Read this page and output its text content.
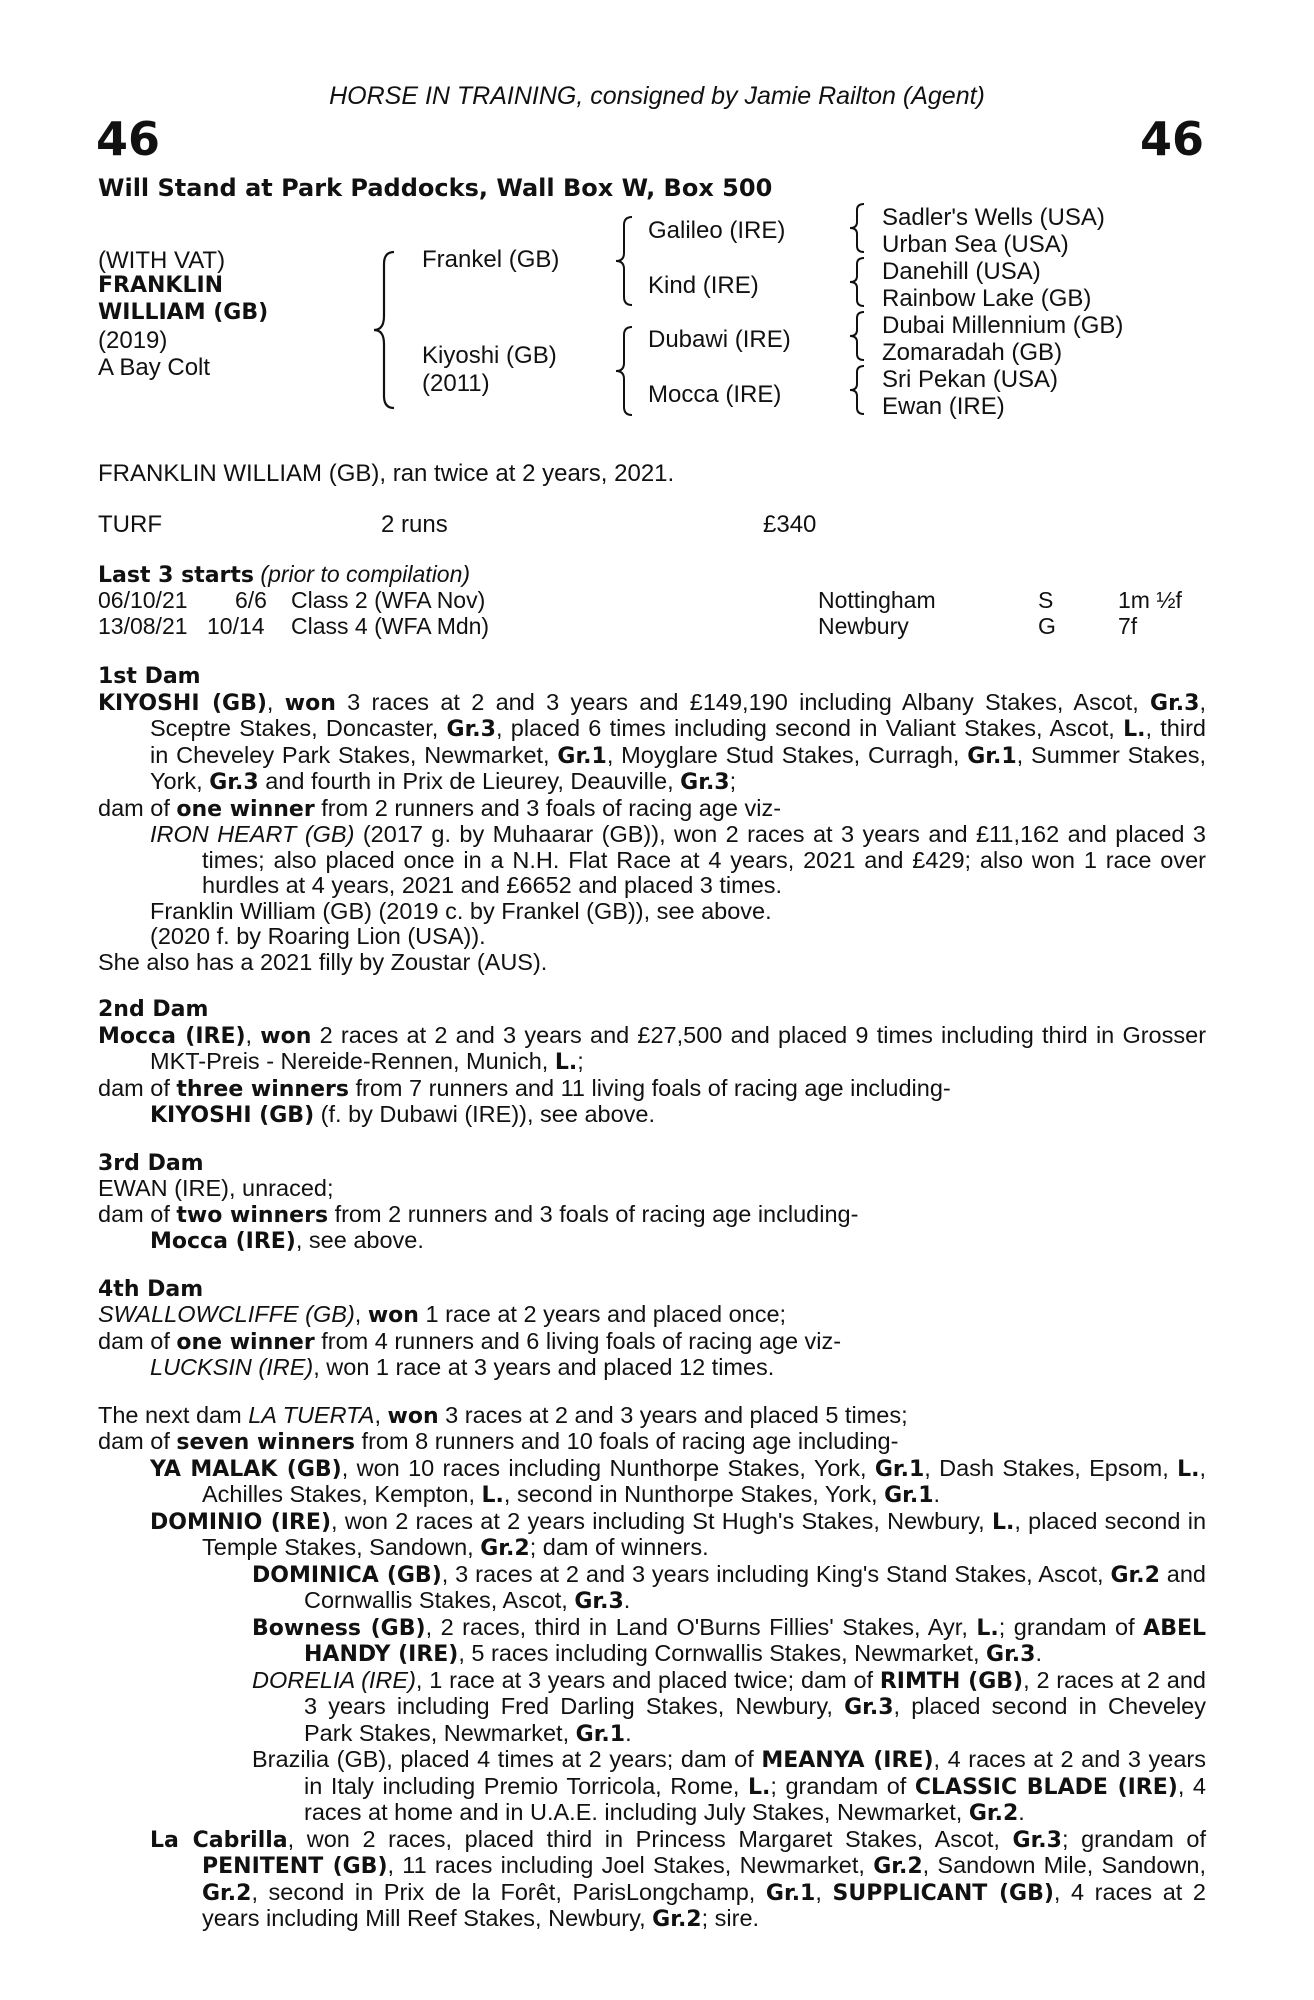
HORSE IN TRAINING, consigned by Jamie Railton (Agent)
46	46
Will Stand at Park Paddocks, Wall Box W, Box 500
(WITH VAT)
FRANKLIN
WILLIAM (GB)
(2019)
A Bay Colt
Frankel (GB)
Kiyoshi (GB)
(2011)
Galileo (IRE)
Kind (IRE)
Dubawi (IRE)
Mocca (IRE)
Sadler's Wells (USA)
Urban Sea (USA)
Danehill (USA)
Rainbow Lake (GB)
Dubai Millennium (GB)
Zomaradah (GB)
Sri Pekan (USA)
Ewan (IRE)
FRANKLIN WILLIAM (GB), ran twice at 2 years, 2021.
TURF	2 runs	£340
Last 3 starts (prior to compilation)
06/10/21 6/6 Class 2 (WFA Nov)	Nottingham	S	1m ½f
13/08/21 10/14 Class 4 (WFA Mdn)	Newbury	G	7f
1st Dam
KIYOSHI (GB), won 3 races at 2 and 3 years and £149,190 including Albany Stakes, Ascot, Gr.3, Sceptre Stakes, Doncaster, Gr.3, placed 6 times including second in Valiant Stakes, Ascot, L., third in Cheveley Park Stakes, Newmarket, Gr.1, Moyglare Stud Stakes, Curragh, Gr.1, Summer Stakes, York, Gr.3 and fourth in Prix de Lieurey, Deauville, Gr.3;
dam of one winner from 2 runners and 3 foals of racing age viz-
IRON HEART (GB) (2017 g. by Muhaarar (GB)), won 2 races at 3 years and £11,162 and placed 3 times; also placed once in a N.H. Flat Race at 4 years, 2021 and £429; also won 1 race over hurdles at 4 years, 2021 and £6652 and placed 3 times.
Franklin William (GB) (2019 c. by Frankel (GB)), see above.
(2020 f. by Roaring Lion (USA)).
She also has a 2021 filly by Zoustar (AUS).
2nd Dam
Mocca (IRE), won 2 races at 2 and 3 years and £27,500 and placed 9 times including third in Grosser MKT-Preis - Nereide-Rennen, Munich, L.;
dam of three winners from 7 runners and 11 living foals of racing age including-
KIYOSHI (GB) (f. by Dubawi (IRE)), see above.
3rd Dam
EWAN (IRE), unraced;
dam of two winners from 2 runners and 3 foals of racing age including-
Mocca (IRE), see above.
4th Dam
SWALLOWCLIFFE (GB), won 1 race at 2 years and placed once;
dam of one winner from 4 runners and 6 living foals of racing age viz-
LUCKSIN (IRE), won 1 race at 3 years and placed 12 times.
The next dam LA TUERTA, won 3 races at 2 and 3 years and placed 5 times;
dam of seven winners from 8 runners and 10 foals of racing age including-
YA MALAK (GB), won 10 races including Nunthorpe Stakes, York, Gr.1, Dash Stakes, Epsom, L., Achilles Stakes, Kempton, L., second in Nunthorpe Stakes, York, Gr.1.
DOMINIO (IRE), won 2 races at 2 years including St Hugh's Stakes, Newbury, L., placed second in Temple Stakes, Sandown, Gr.2; dam of winners.
DOMINICA (GB), 3 races at 2 and 3 years including King's Stand Stakes, Ascot, Gr.2 and Cornwallis Stakes, Ascot, Gr.3.
Bowness (GB), 2 races, third in Land O'Burns Fillies' Stakes, Ayr, L.; grandam of ABEL HANDY (IRE), 5 races including Cornwallis Stakes, Newmarket, Gr.3.
DORELIA (IRE), 1 race at 3 years and placed twice; dam of RIMTH (GB), 2 races at 2 and 3 years including Fred Darling Stakes, Newbury, Gr.3, placed second in Cheveley Park Stakes, Newmarket, Gr.1.
Brazilia (GB), placed 4 times at 2 years; dam of MEANYA (IRE), 4 races at 2 and 3 years in Italy including Premio Torricola, Rome, L.; grandam of CLASSIC BLADE (IRE), 4 races at home and in U.A.E. including July Stakes, Newmarket, Gr.2.
La Cabrilla, won 2 races, placed third in Princess Margaret Stakes, Ascot, Gr.3; grandam of PENITENT (GB), 11 races including Joel Stakes, Newmarket, Gr.2, Sandown Mile, Sandown, Gr.2, second in Prix de la Forêt, ParisLongchamp, Gr.1, SUPPLICANT (GB), 4 races at 2 years including Mill Reef Stakes, Newbury, Gr.2; sire.
